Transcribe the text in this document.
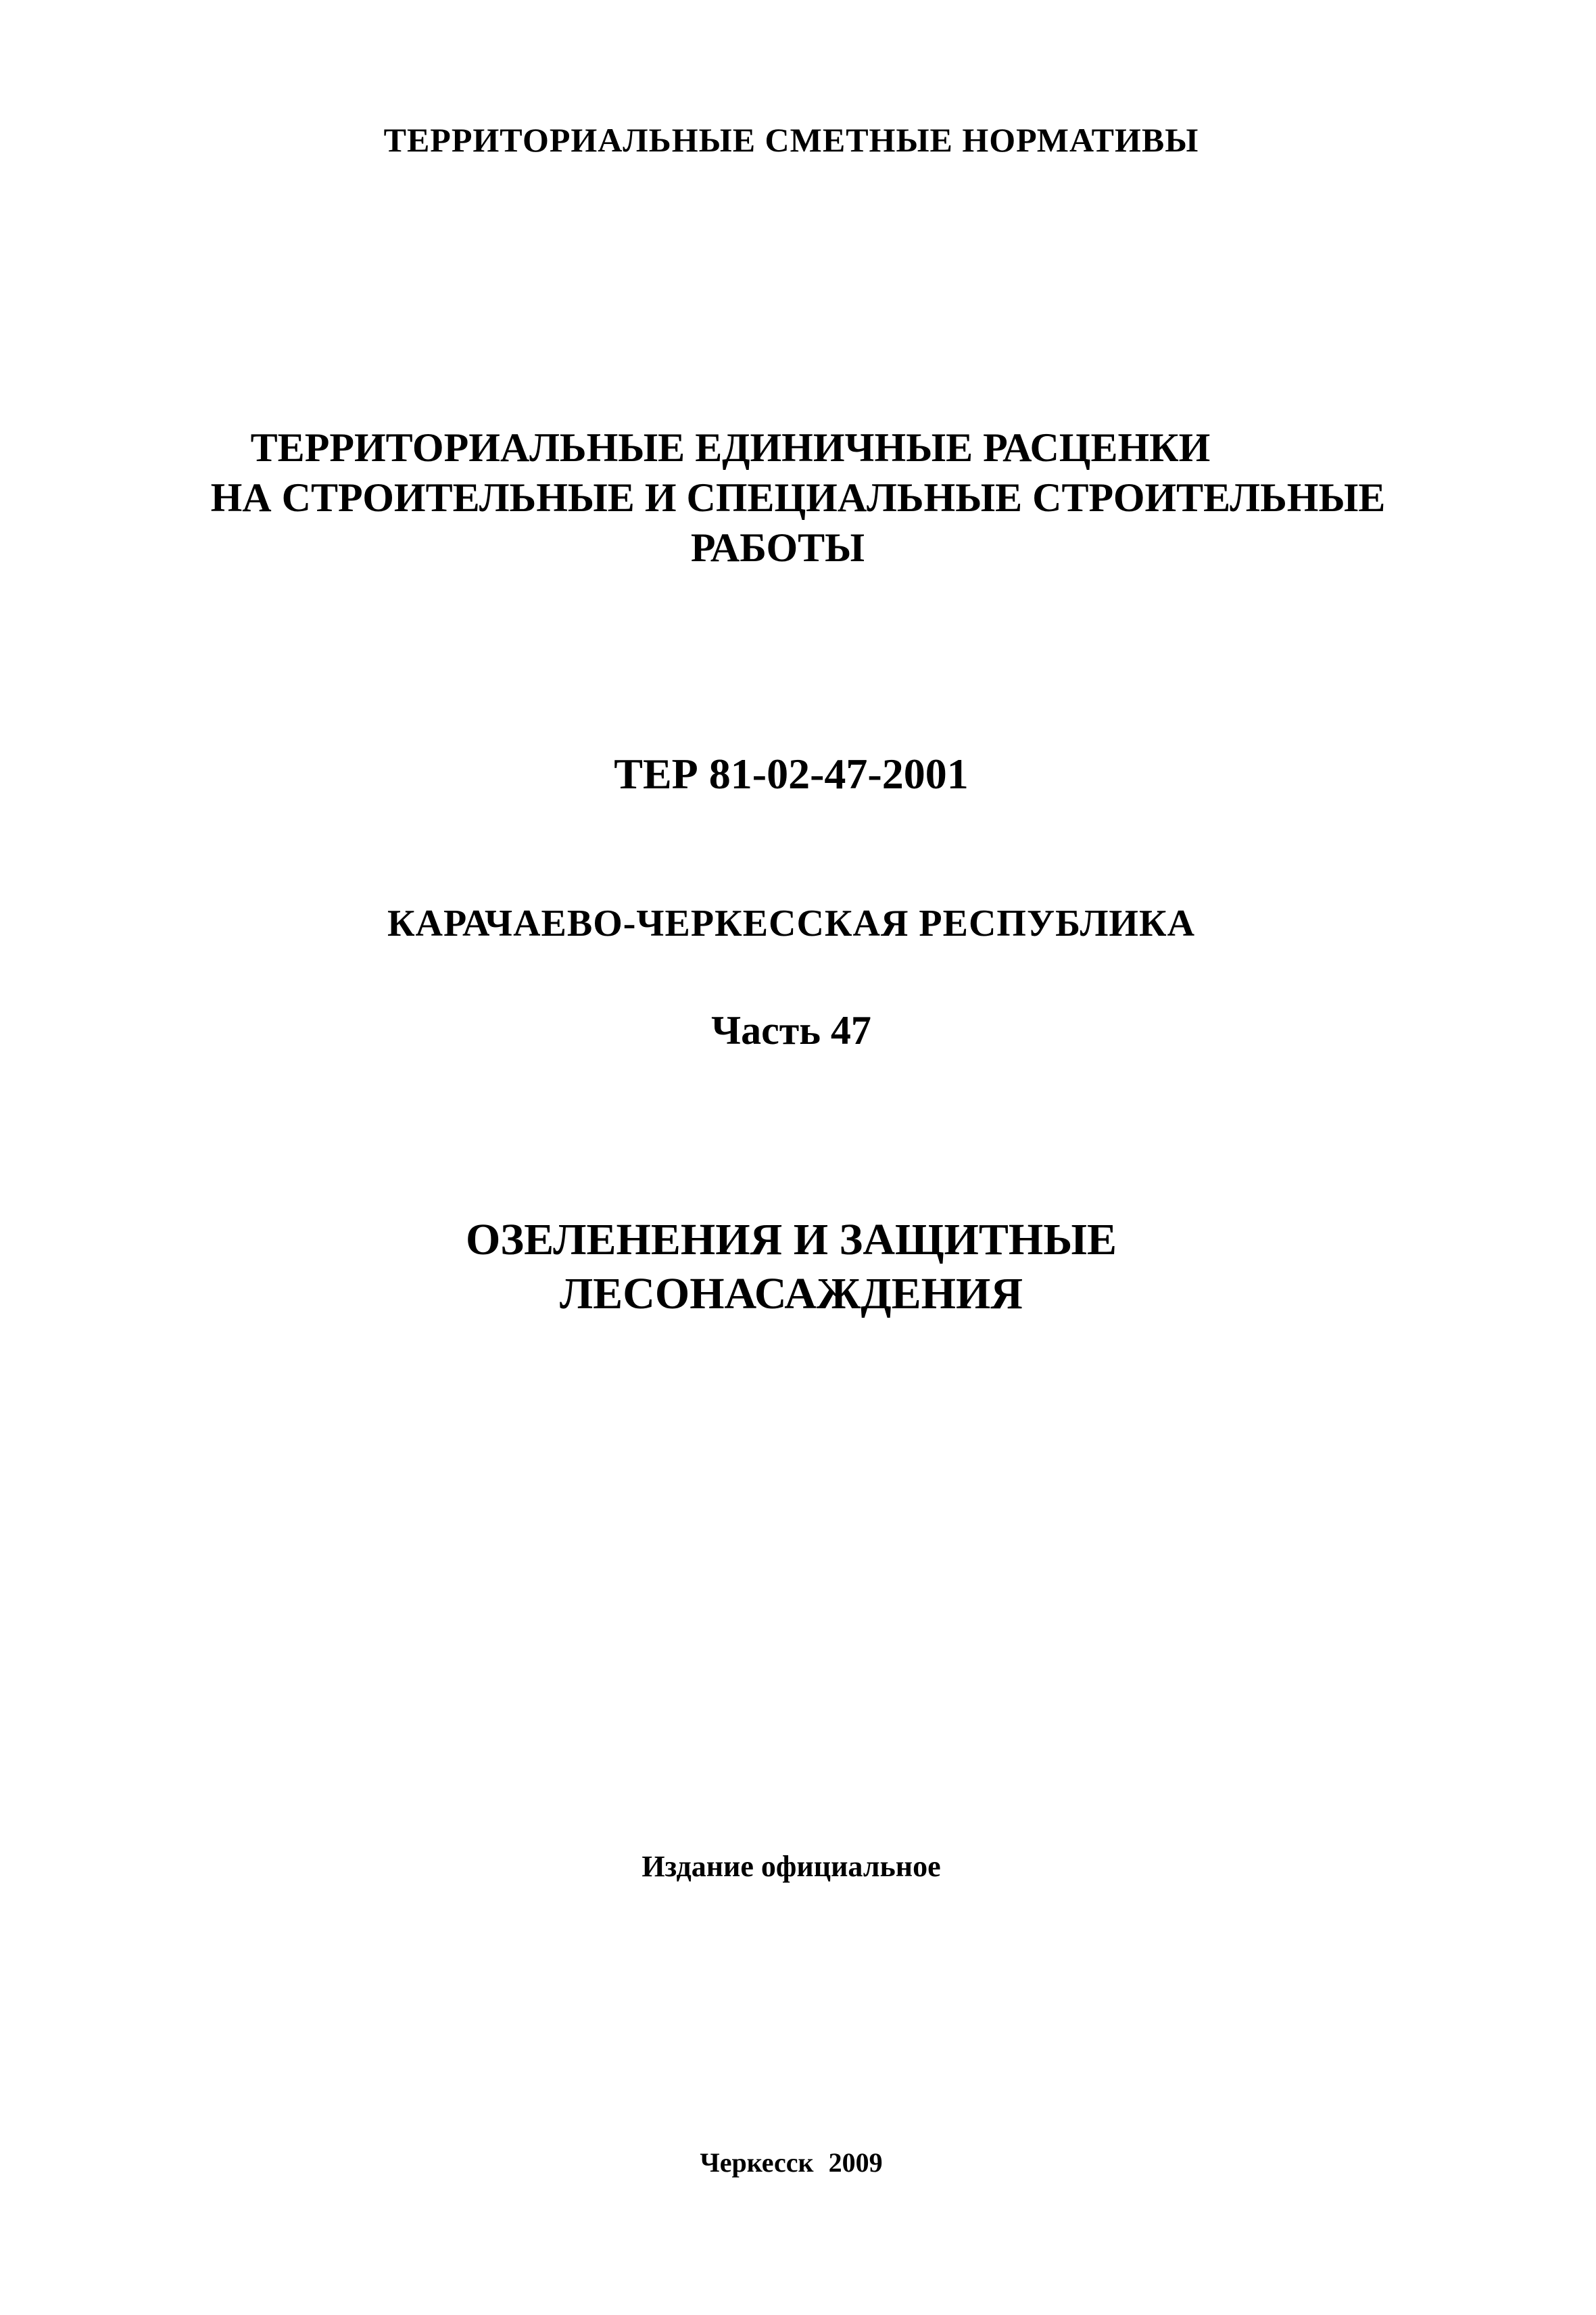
ТЕРРИТОРИАЛЬНЫЕ СМЕТНЫЕ НОРМАТИВЫ

ТЕРРИТОРИАЛЬНЫЕ ЕДИНИЧНЫЕ РАСЦЕНКИ
НА СТРОИТЕЛЬНЫЕ И СПЕЦИАЛЬНЫЕ СТРОИТЕЛЬНЫЕ
РАБОТЫ

ТЕР 81-02-47-2001

КАРАЧАЕВО-ЧЕРКЕССКАЯ РЕСПУБЛИКА

Часть 47

ОЗЕЛЕНЕНИЯ И ЗАЩИТНЫЕ
ЛЕСОНАСАЖДЕНИЯ

Издание официальное

Черкесск 2009
